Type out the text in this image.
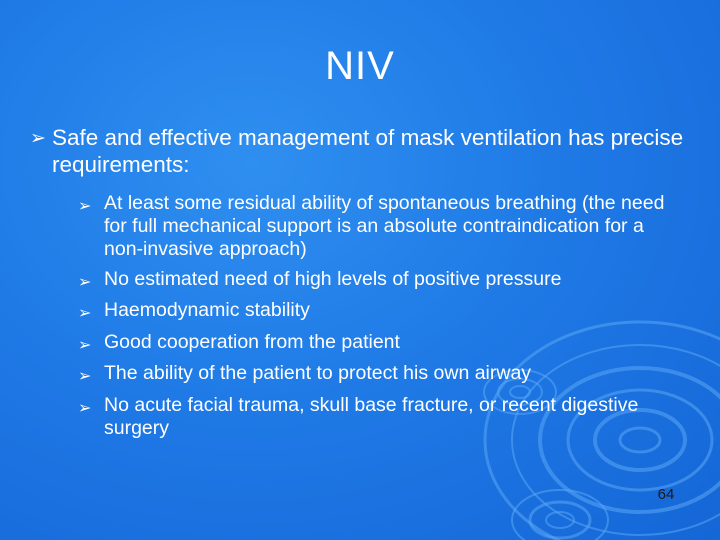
NIV
➢ Safe and effective management of mask ventilation has precise requirements:
➢ At least some residual ability of spontaneous breathing (the need for full mechanical support is an absolute contraindication for a non-invasive approach)
➢ No estimated need of high levels of positive pressure
➢ Haemodynamic stability
➢ Good cooperation from the patient
➢ The ability of the patient to protect his own airway
➢ No acute facial trauma, skull base fracture, or recent digestive surgery
64
